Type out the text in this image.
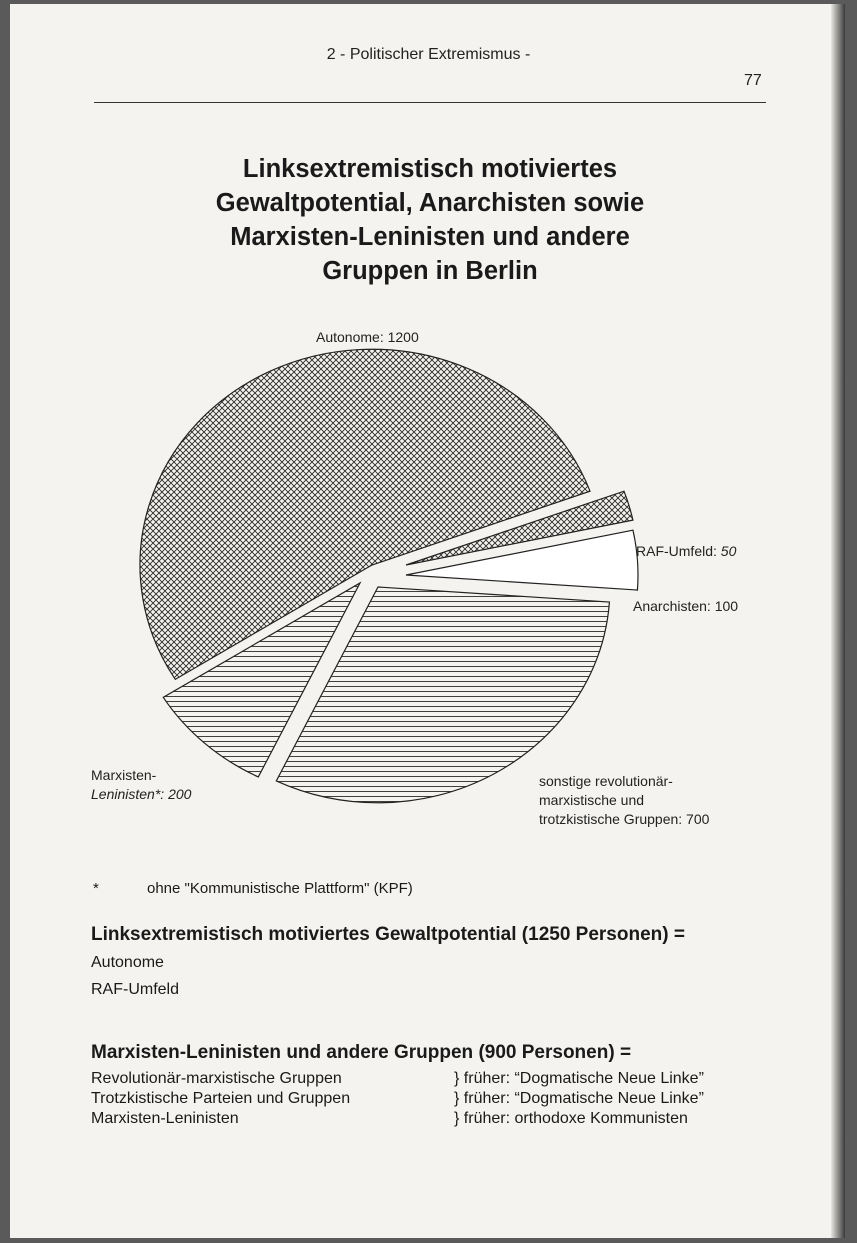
2 - Politischer Extremismus -
77
Linksextremistisch motiviertes Gewaltpotential, Anarchisten sowie Marxisten-Leninisten und andere Gruppen in Berlin
Autonome: 1200
RAF-Umfeld: 50
Anarchisten: 100
sonstige revolutionär-
marxistische und
trotzkistische Gruppen: 700
Marxisten-
Leninisten*: 200
*	ohne "Kommunistische Plattform" (KPF)
Linksextremistisch motiviertes Gewaltpotential (1250 Personen) =
Autonome
RAF-Umfeld
Marxisten-Leninisten und andere Gruppen (900 Personen) =
Revolutionär-marxistische Gruppen	} früher: “Dogmatische Neue Linke”
Trotzkistische Parteien und Gruppen	} früher: “Dogmatische Neue Linke”
Marxisten-Leninisten	} früher: orthodoxe Kommunisten
